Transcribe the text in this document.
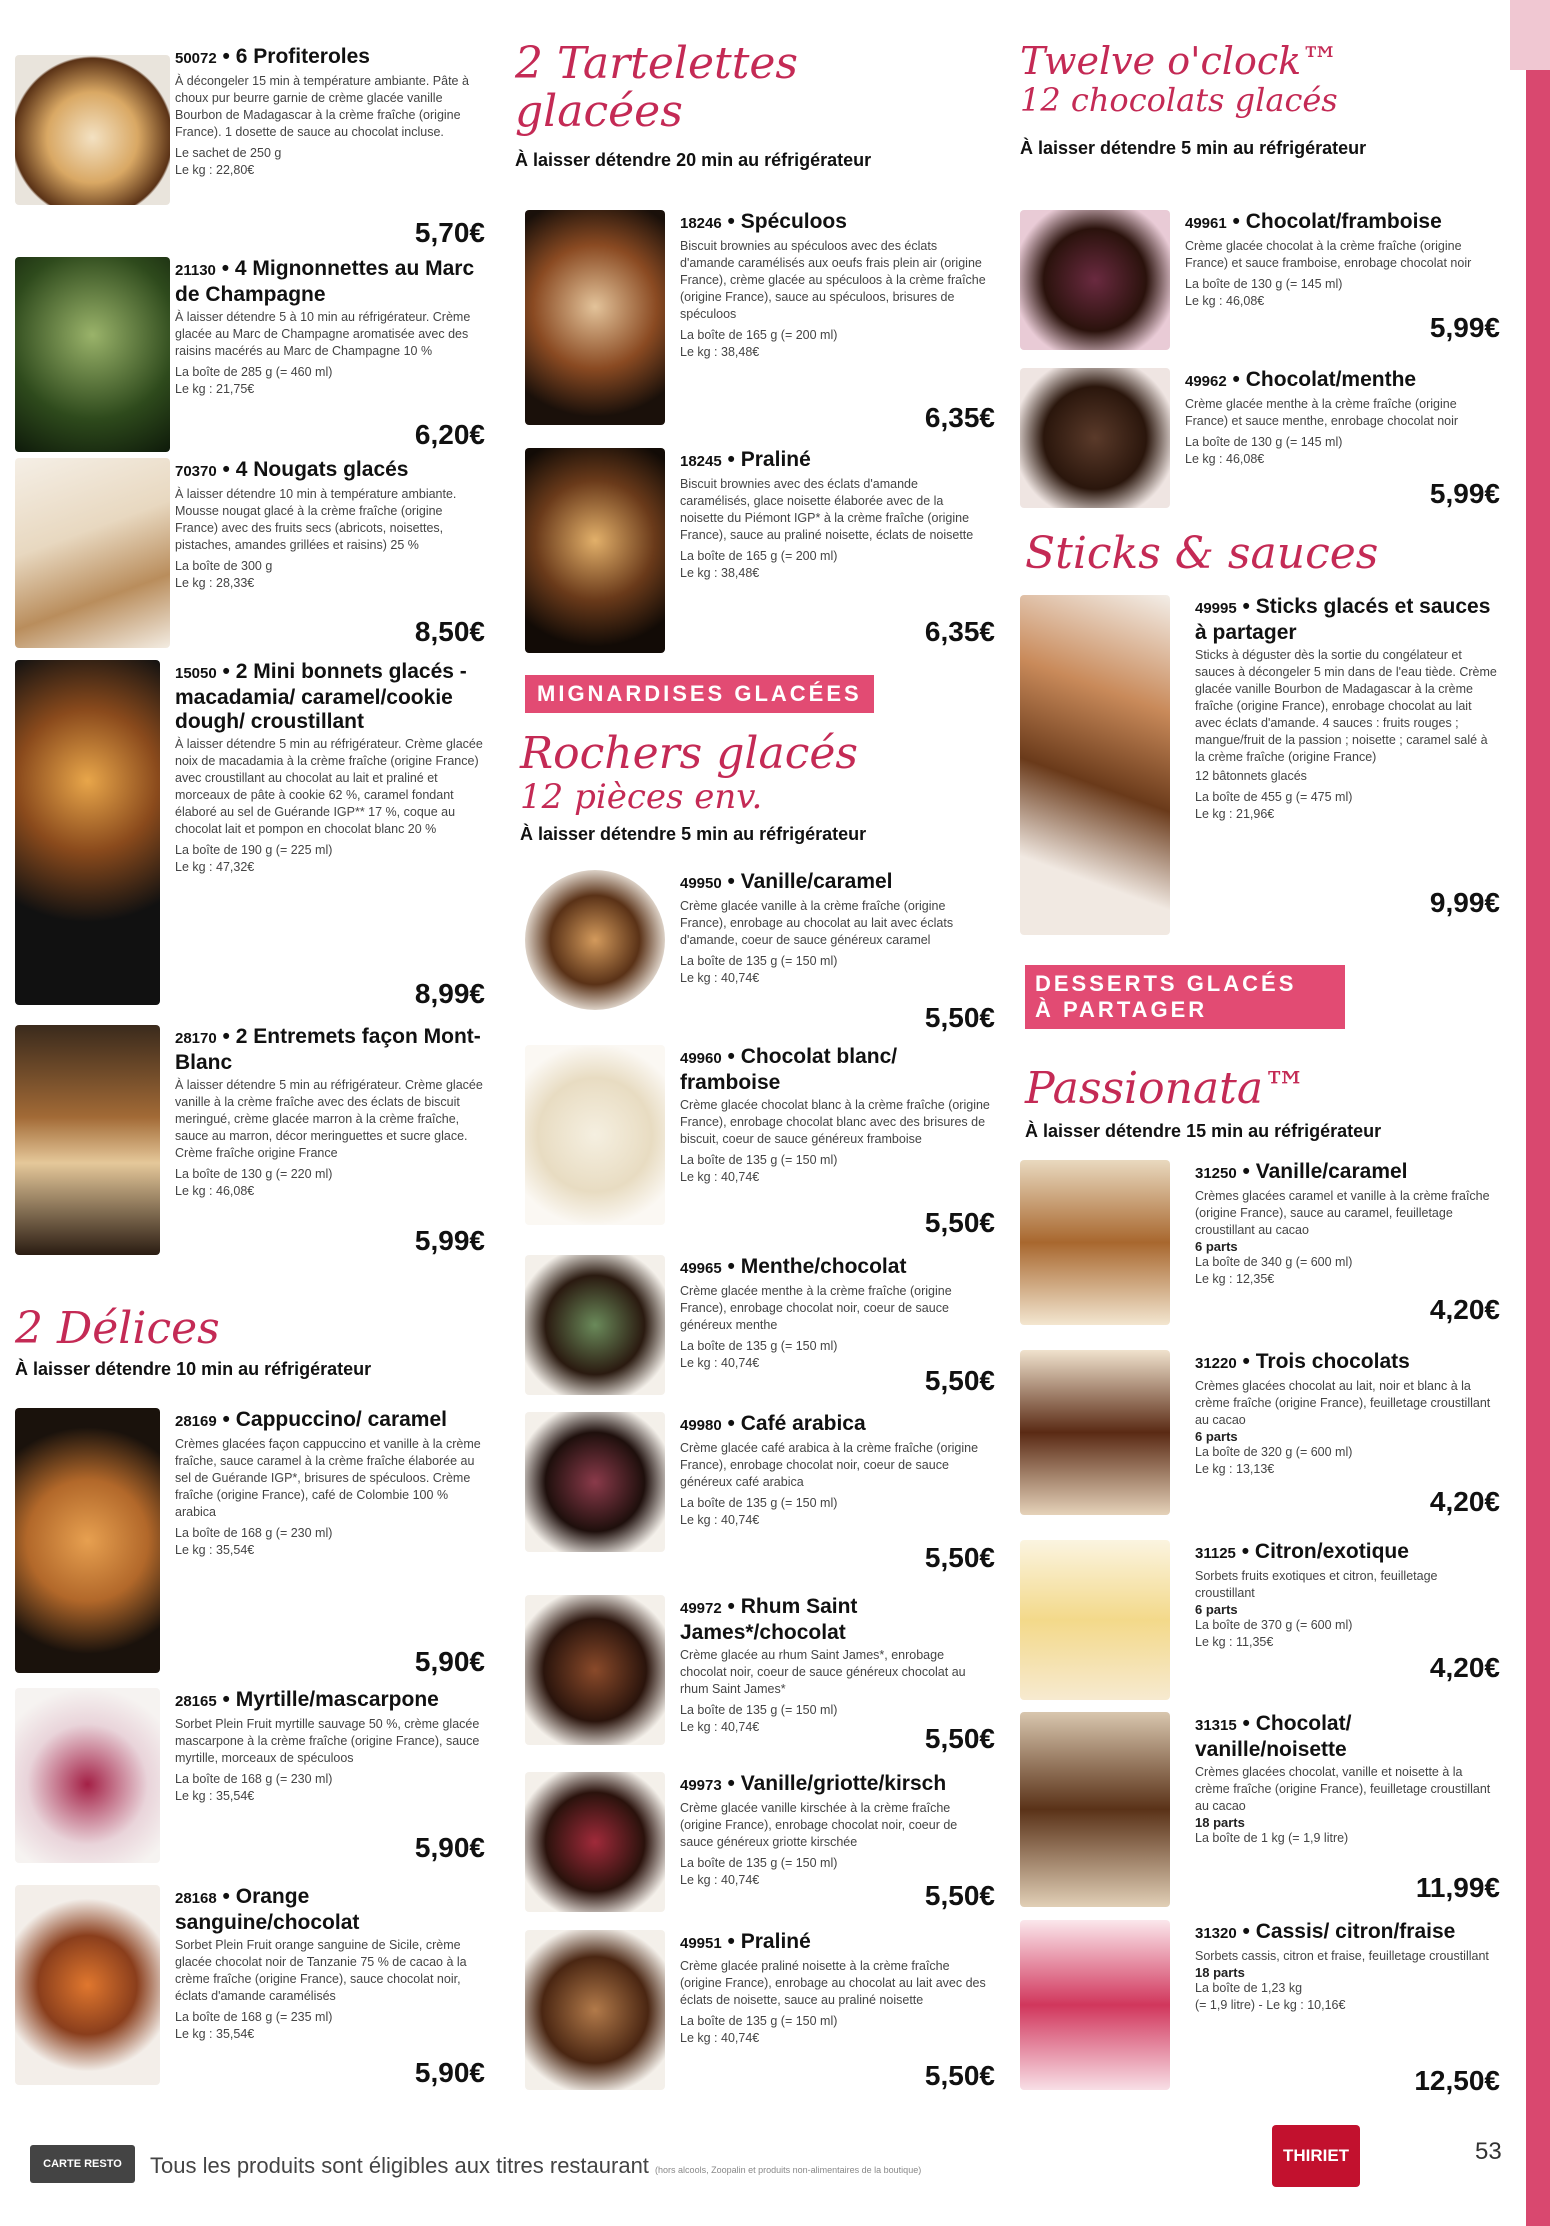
50072 • 6 Profiteroles
À décongeler 15 min à température ambiante. Pâte à choux pur beurre garnie de crème glacée vanille Bourbon de Madagascar à la crème fraîche (origine France). 1 dosette de sauce au chocolat incluse.
Le sachet de 250 g
Le kg : 22,80€
5,70€
21130 • 4 Mignonnettes au Marc de Champagne
À laisser détendre 5 à 10 min au réfrigérateur. Crème glacée au Marc de Champagne aromatisée avec des raisins macérés au Marc de Champagne 10 %
La boîte de 285 g (= 460 ml)
Le kg : 21,75€
6,20€
70370 • 4 Nougats glacés
À laisser détendre 10 min à température ambiante. Mousse nougat glacé à la crème fraîche (origine France) avec des fruits secs (abricots, noisettes, pistaches, amandes grillées et raisins) 25 %
La boîte de 300 g
Le kg : 28,33€
8,50€
15050 • 2 Mini bonnets glacés - macadamia/ caramel/cookie dough/ croustillant
À laisser détendre 5 min au réfrigérateur. Crème glacée noix de macadamia à la crème fraîche (origine France) avec croustillant au chocolat au lait et praliné et morceaux de pâte à cookie 62 %, caramel fondant élaboré au sel de Guérande IGP** 17 %, coque au chocolat lait et pompon en chocolat blanc 20 %
La boîte de 190 g (= 225 ml)
Le kg : 47,32€
8,99€
28170 • 2 Entremets façon Mont-Blanc
À laisser détendre 5 min au réfrigérateur. Crème glacée vanille à la crème fraîche avec des éclats de biscuit meringué, crème glacée marron à la crème fraîche, sauce au marron, décor meringuettes et sucre glace. Crème fraîche origine France
La boîte de 130 g (= 220 ml)
Le kg : 46,08€
5,99€
2 Délices
À laisser détendre 10 min au réfrigérateur
28169 • Cappuccino/ caramel
Crèmes glacées façon cappuccino et vanille à la crème fraîche, sauce caramel à la crème fraîche élaborée au sel de Guérande IGP*, brisures de spéculoos. Crème fraîche (origine France), café de Colombie 100 % arabica
La boîte de 168 g (= 230 ml)
Le kg : 35,54€
5,90€
28165 • Myrtille/mascarpone
Sorbet Plein Fruit myrtille sauvage 50 %, crème glacée mascarpone à la crème fraîche (origine France), sauce myrtille, morceaux de spéculoos
La boîte de 168 g (= 230 ml)
Le kg : 35,54€
5,90€
28168 • Orange sanguine/chocolat
Sorbet Plein Fruit orange sanguine de Sicile, crème glacée chocolat noir de Tanzanie 75 % de cacao à la crème fraîche (origine France), sauce chocolat noir, éclats d'amande caramélisés
La boîte de 168 g (= 235 ml)
Le kg : 35,54€
5,90€
2 Tartelettes glacées
À laisser détendre 20 min au réfrigérateur
18246 • Spéculoos
Biscuit brownies au spéculoos avec des éclats d'amande caramélisés aux oeufs frais plein air (origine France), crème glacée au spéculoos à la crème fraîche (origine France), sauce au spéculoos, brisures de spéculoos
La boîte de 165 g (= 200 ml)
Le kg : 38,48€
6,35€
18245 • Praliné
Biscuit brownies avec des éclats d'amande caramélisés, glace noisette élaborée avec de la noisette du Piémont IGP* à la crème fraîche (origine France), sauce au praliné noisette, éclats de noisette
La boîte de 165 g (= 200 ml)
Le kg : 38,48€
6,35€
MIGNARDISES GLACÉES
Rochers glacés
12 pièces env.
À laisser détendre 5 min au réfrigérateur
49950 • Vanille/caramel
Crème glacée vanille à la crème fraîche (origine France), enrobage au chocolat au lait avec éclats d'amande, coeur de sauce généreux caramel
La boîte de 135 g (= 150 ml)
Le kg : 40,74€
5,50€
49960 • Chocolat blanc/ framboise
Crème glacée chocolat blanc à la crème fraîche (origine France), enrobage chocolat blanc avec des brisures de biscuit, coeur de sauce généreux framboise
La boîte de 135 g (= 150 ml)
Le kg : 40,74€
5,50€
49965 • Menthe/chocolat
Crème glacée menthe à la crème fraîche (origine France), enrobage chocolat noir, coeur de sauce généreux menthe
La boîte de 135 g (= 150 ml)
Le kg : 40,74€
5,50€
49980 • Café arabica
Crème glacée café arabica à la crème fraîche (origine France), enrobage chocolat noir, coeur de sauce généreux café arabica
La boîte de 135 g (= 150 ml)
Le kg : 40,74€
5,50€
49972 • Rhum Saint James*/chocolat
Crème glacée au rhum Saint James*, enrobage chocolat noir, coeur de sauce généreux chocolat au rhum Saint James*
La boîte de 135 g (= 150 ml)
Le kg : 40,74€	5,50€
49973 • Vanille/griotte/kirsch
Crème glacée vanille kirschée à la crème fraîche (origine France), enrobage chocolat noir, coeur de sauce généreux griotte kirschée
La boîte de 135 g (= 150 ml)
Le kg : 40,74€	5,50€
49951 • Praliné
Crème glacée praliné noisette à la crème fraîche (origine France), enrobage au chocolat au lait avec des éclats de noisette, sauce au praliné noisette
La boîte de 135 g (= 150 ml)
Le kg : 40,74€
5,50€
Twelve o'clock™
12 chocolats glacés
À laisser détendre 5 min au réfrigérateur
49961 • Chocolat/framboise
Crème glacée chocolat à la crème fraîche (origine France) et sauce framboise, enrobage chocolat noir
La boîte de 130 g (= 145 ml)
Le kg : 46,08€
5,99€
49962 • Chocolat/menthe
Crème glacée menthe à la crème fraîche (origine France) et sauce menthe, enrobage chocolat noir
La boîte de 130 g (= 145 ml)
Le kg : 46,08€
5,99€
Sticks & sauces
49995 • Sticks glacés et sauces à partager
Sticks à déguster dès la sortie du congélateur et sauces à décongeler 5 min dans de l'eau tiède. Crème glacée vanille Bourbon de Madagascar à la crème fraîche (origine France), enrobage chocolat au lait avec éclats d'amande. 4 sauces : fruits rouges ; mangue/fruit de la passion ; noisette ; caramel salé à la crème fraîche (origine France)
12 bâtonnets glacés
La boîte de 455 g (= 475 ml)
Le kg : 21,96€
9,99€
DESSERTS GLACÉS
À PARTAGER
Passionata™
À laisser détendre 15 min au réfrigérateur
31250 • Vanille/caramel
Crèmes glacées caramel et vanille à la crème fraîche (origine France), sauce au caramel, feuilletage croustillant au cacao
6 parts
La boîte de 340 g (= 600 ml)
Le kg : 12,35€
4,20€
31220 • Trois chocolats
Crèmes glacées chocolat au lait, noir et blanc à la crème fraîche (origine France), feuilletage croustillant au cacao
6 parts
La boîte de 320 g (= 600 ml)
Le kg : 13,13€
4,20€
31125 • Citron/exotique
Sorbets fruits exotiques et citron, feuilletage croustillant
6 parts
La boîte de 370 g (= 600 ml)
Le kg : 11,35€
4,20€
31315 • Chocolat/ vanille/noisette
Crèmes glacées chocolat, vanille et noisette à la crème fraîche (origine France), feuilletage croustillant au cacao
18 parts
La boîte de 1 kg (= 1,9 litre)
11,99€
31320 • Cassis/ citron/fraise
Sorbets cassis, citron et fraise, feuilletage croustillant
18 parts
La boîte de 1,23 kg
(= 1,9 litre) - Le kg : 10,16€
12,50€
CARTE RESTO	Tous les produits sont éligibles aux titres restaurant (hors alcools, Zoopalin et produits non-alimentaires de la boutique)
THIRIET	53
